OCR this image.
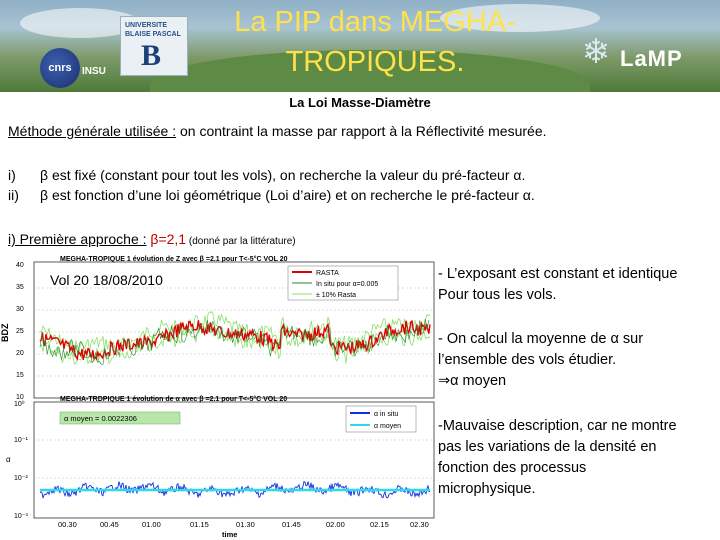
cnrs INSU
UNIVERSITE
BLAISE PASCAL
B
La PIP dans MEGHA-
TROPIQUES.	❄ LaMP
La Loi Masse-Diamètre
Méthode générale utilisée : on contraint la masse par rapport à la Réflectivité mesurée.
i) β est fixé (constant pour tout les vols), on recherche la valeur du pré-facteur α.
ii) β est fonction d’une loi géométrique (Loi d’aire) et on recherche le pré-facteur α.
i) Première approche : β=2,1 (donné par la littérature)
MEGHA-TROPIQUE 1 évolution de Z avec β =2.1 pour T<-5°C VOL 20
MEGHA-TRDPIQUE 1 évolution de α avec β =2.1 pour T<-5°C VOL 20
40
35
30
25
20
15
10
BDZ
10⁰
10⁻¹
10⁻²
10⁻³
α
RASTA
In situ pour α=0.005
± 10% Rasta
α moyen = 0.0022306	α in situ
α moyen
00.30	00.45	01.00	01.15	01.30	01.45	02.00	02.15	02.30
time
Vol 20 18/08/2010	- L’exposant est constant et identique
Pour tous les vols.
- On calcul la moyenne de α sur
l’ensemble des vols étudier.
⇒α moyen
-Mauvaise description, car ne montre
pas les variations de la densité en
fonction des processus
microphysique.
